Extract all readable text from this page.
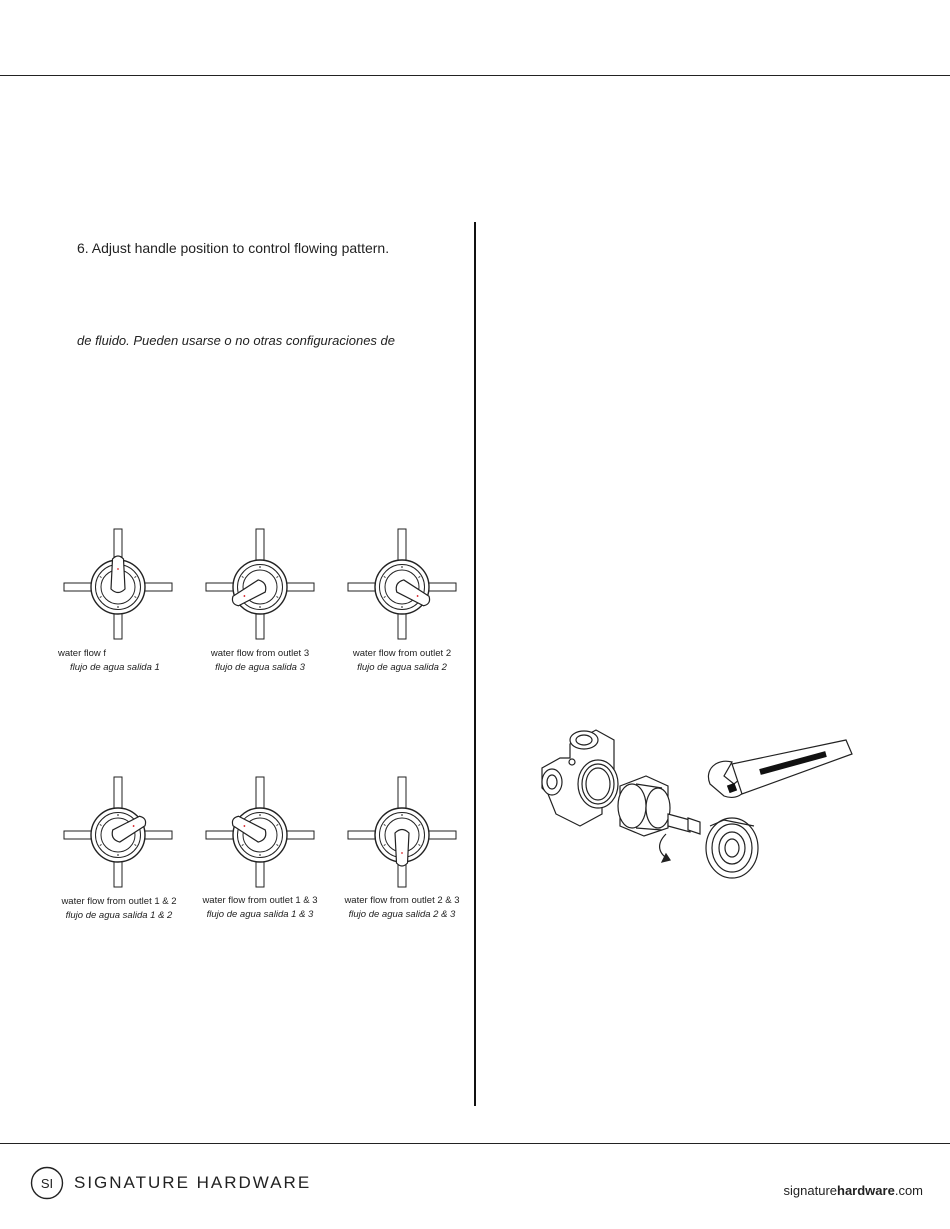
6. Adjust handle position to control flowing pattern.
de fluido. Pueden usarse o no otras configuraciones de
water flow f
flujo de agua salida 1
water flow from outlet 3
flujo de agua salida 3
water flow from outlet 2
flujo de agua salida 2
water flow from outlet 1 & 2
flujo de agua salida 1 & 2
water flow from outlet 1 & 3
flujo de agua salida 1 & 3
water flow from outlet 2 & 3
flujo de agua salida 2 & 3
SI SIGNATURE HARDWARE	signaturehardware.com
